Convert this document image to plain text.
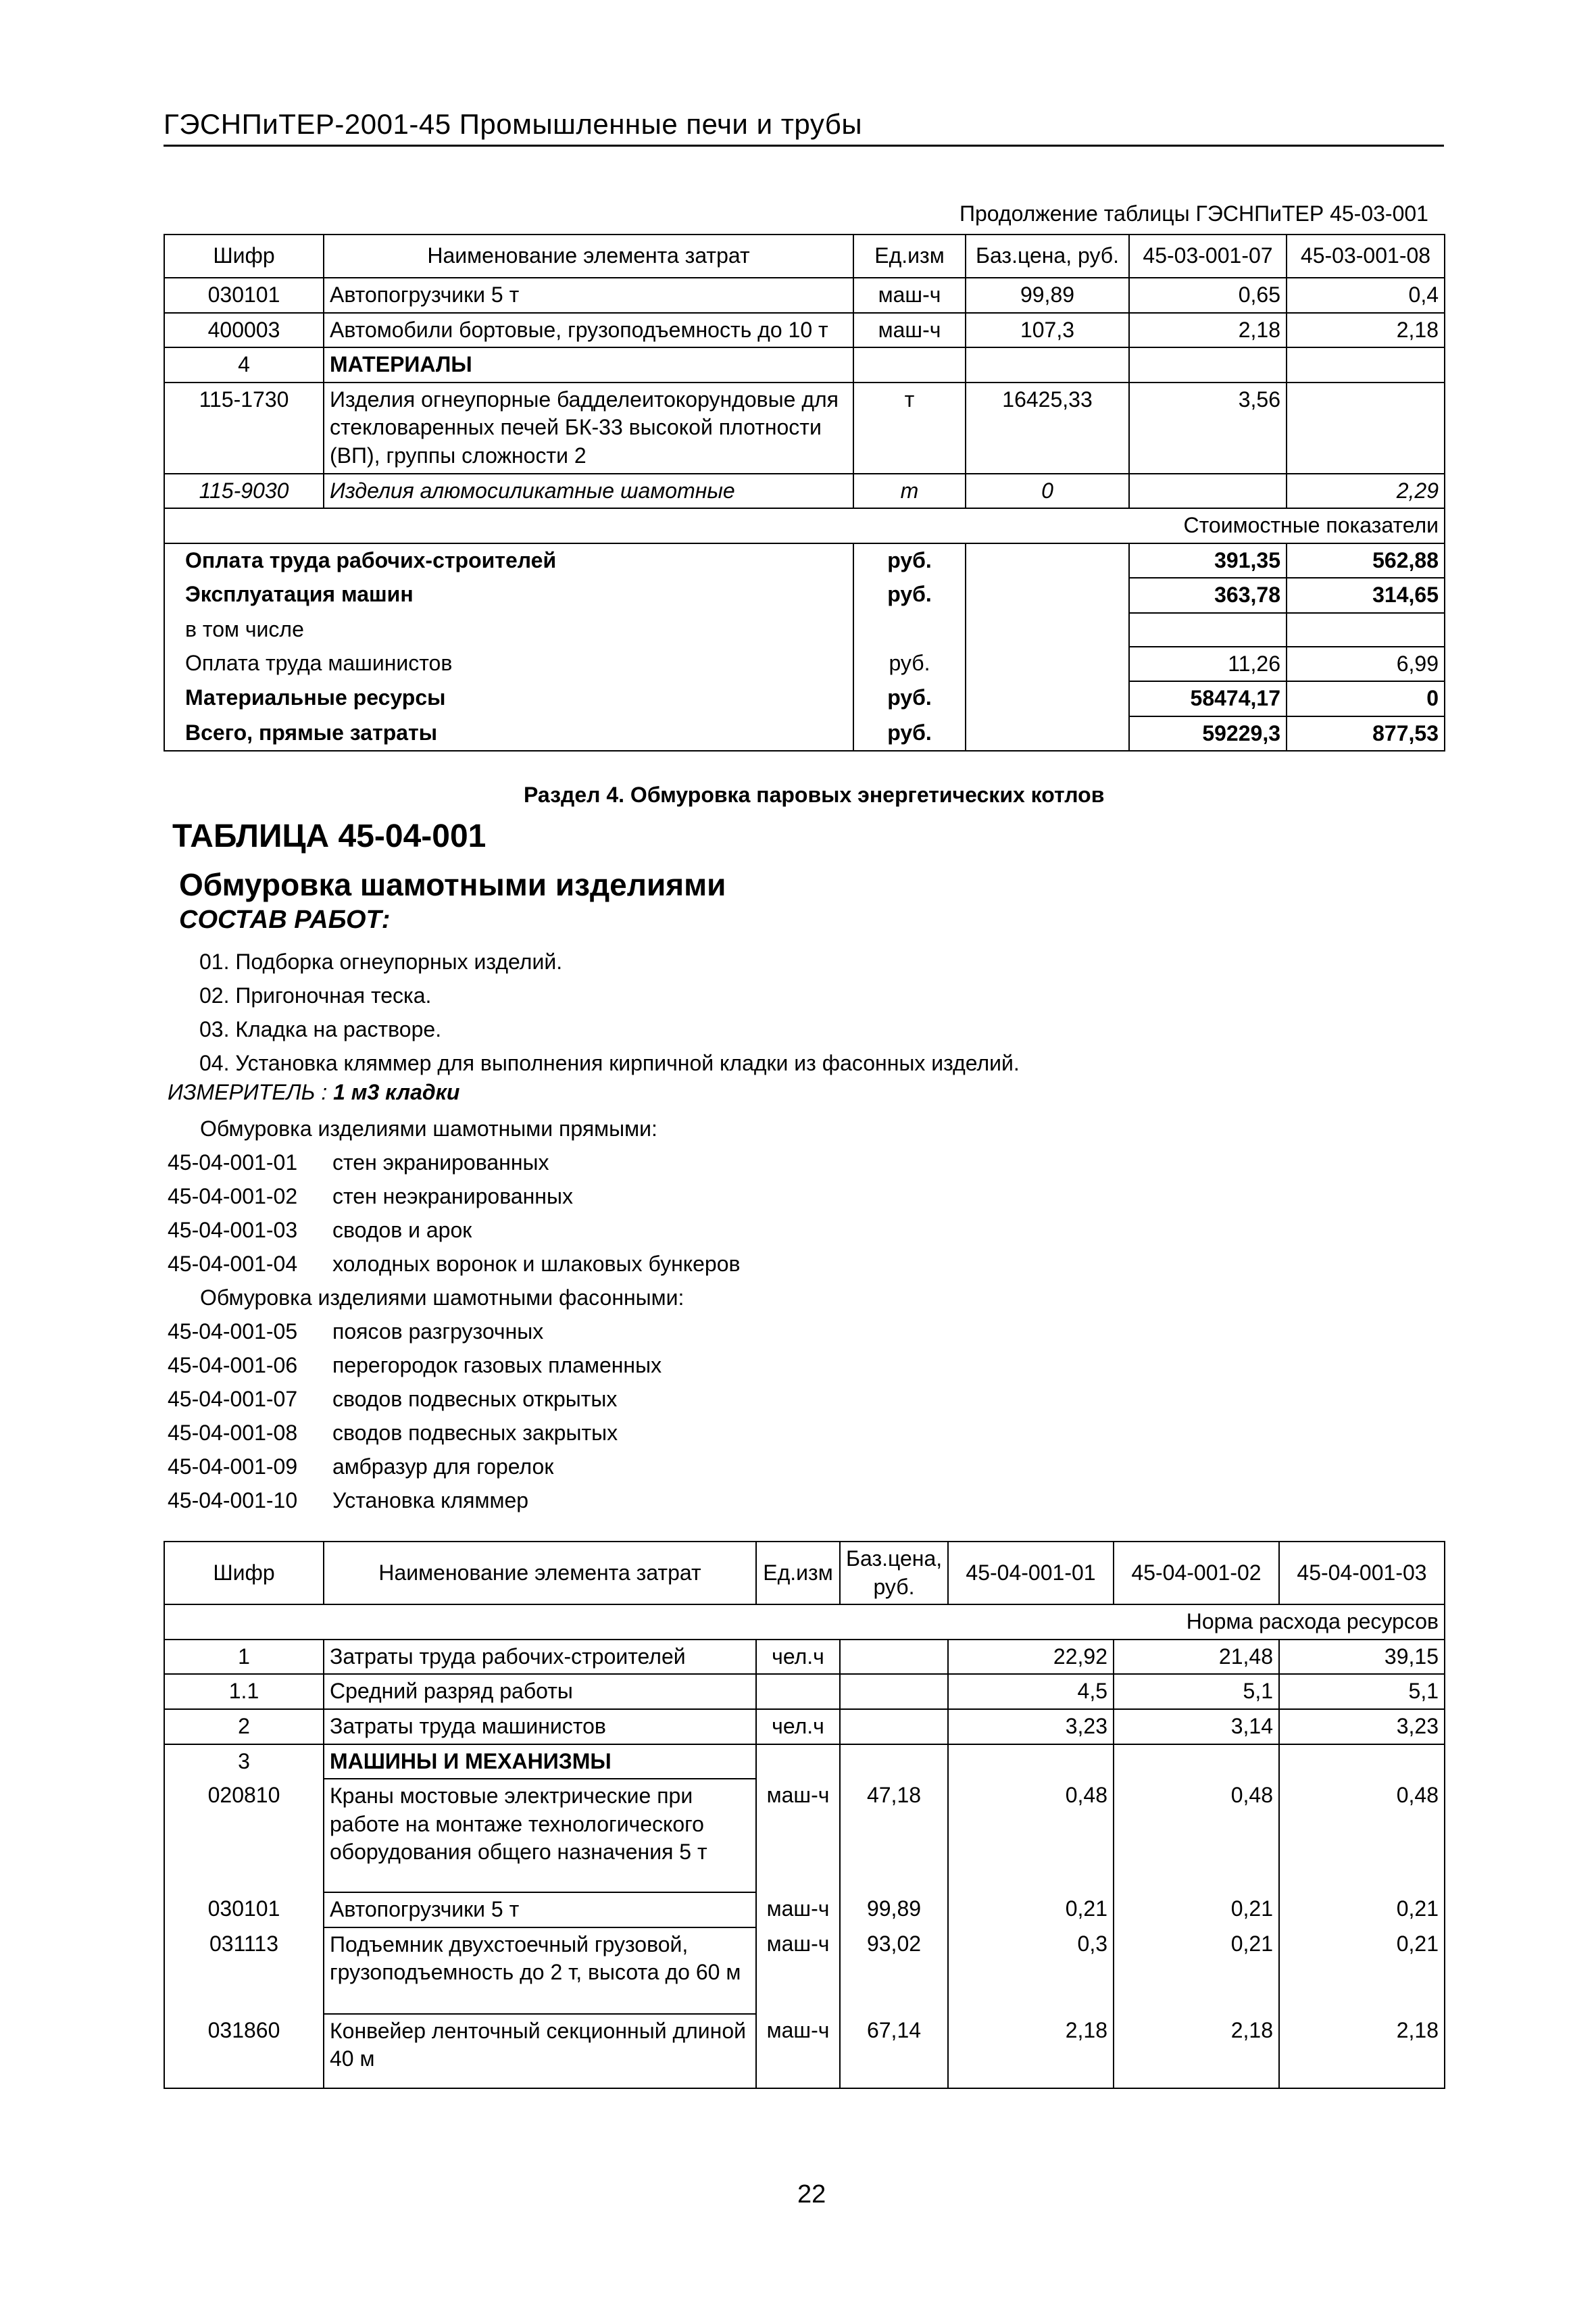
ГЭСНПиТЕР-2001-45 Промышленные печи и трубы
Продолжение таблицы ГЭСНПиТЕР 45-03-001
Шифр	Наименование элемента затрат	Ед.изм	Баз.цена, руб.	45-03-001-07	45-03-001-08
030101	Автопогрузчики 5 т	маш-ч	99,89	0,65	0,4
400003	Автомобили бортовые, грузоподъемность до 10 т	маш-ч	107,3	2,18	2,18
4	МАТЕРИАЛЫ				
115-1730	Изделия огнеупорные бадделеитокорундовые для стекловаренных печей БК-33 высокой плотности (ВП), группы сложности 2	т	16425,33	3,56	
115-9030	Изделия алюмосиликатные шамотные	т	0		2,29
Стоимостные показатели					
Оплата труда рабочих-строителей		руб.		391,35	562,88
Эксплуатация машин		руб.		363,78	314,65
в том числе					
Оплата труда машинистов		руб.		11,26	6,99
Материальные ресурсы		руб.		58474,17	0
Всего, прямые затраты		руб.		59229,3	877,53
Раздел 4. Обмуровка паровых энергетических котлов
ТАБЛИЦА 45-04-001
Обмуровка шамотными изделиями
СОСТАВ РАБОТ:
01. Подборка огнеупорных изделий.
02. Пригоночная теска.
03. Кладка на растворе.
04. Установка кляммер для выполнения кирпичной кладки из фасонных изделий.
ИЗМЕРИТЕЛЬ : 1 м3 кладки
Обмуровка изделиями шамотными прямыми:
45-04-001-01 стен экранированных
45-04-001-02 стен неэкранированных
45-04-001-03 сводов и арок
45-04-001-04 холодных воронок и шлаковых бункеров
Обмуровка изделиями шамотными фасонными:
45-04-001-05 поясов разгрузочных
45-04-001-06 перегородок газовых пламенных
45-04-001-07 сводов подвесных открытых
45-04-001-08 сводов подвесных закрытых
45-04-001-09 амбразур для горелок
45-04-001-10 Установка кляммер
Шифр	Наименование элемента затрат	Ед.изм	Баз.цена, руб.	45-04-001-01	45-04-001-02	45-04-001-03
Норма расхода ресурсов						
1	Затраты труда рабочих-строителей	чел.ч		22,92	21,48	39,15
1.1	Средний разряд работы			4,5	5,1	5,1
2	Затраты труда машинистов	чел.ч		3,23	3,14	3,23
3	МАШИНЫ И МЕХАНИЗМЫ					
020810	Краны мостовые электрические при работе на монтаже технологического оборудования общего назначения 5 т	маш-ч	47,18	0,48	0,48	0,48
030101	Автопогрузчики 5 т	маш-ч	99,89	0,21	0,21	0,21
031113	Подъемник двухстоечный грузовой, грузоподъемность до 2 т, высота до 60 м	маш-ч	93,02	0,3	0,21	0,21
031860	Конвейер ленточный секционный длиной 40 м	маш-ч	67,14	2,18	2,18	2,18
22
